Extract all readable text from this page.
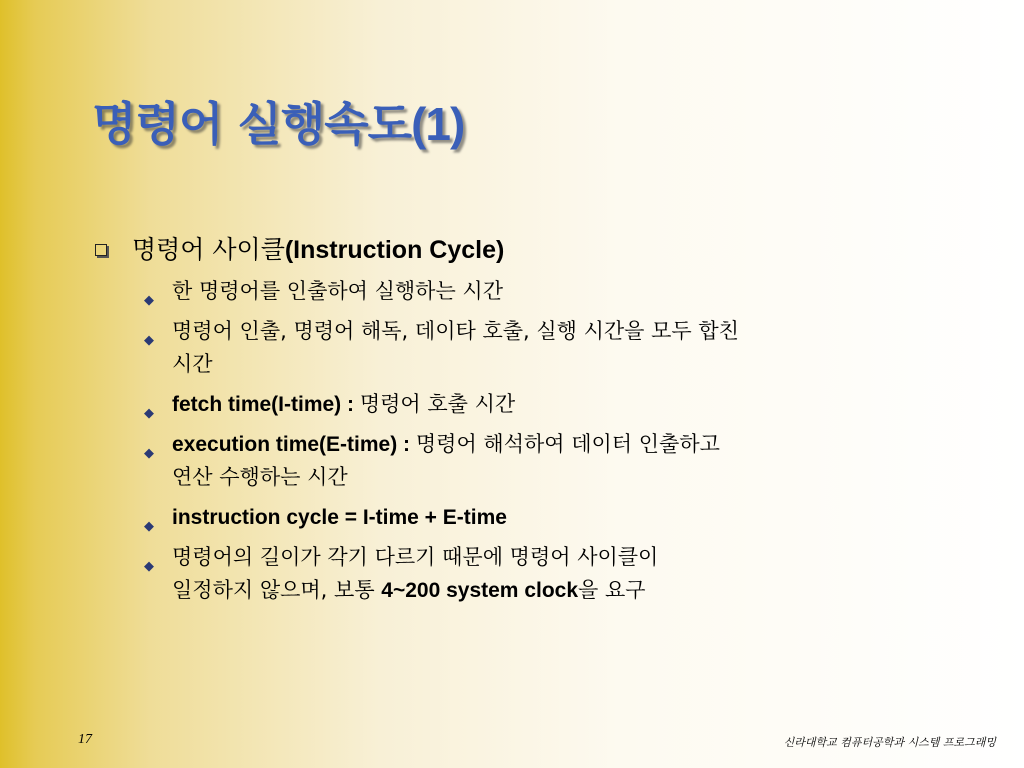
명령어 실행속도(1)
명령어 사이클(Instruction Cycle)
◆ 한 명령어를 인출하여 실행하는 시간
◆ 명령어 인출, 명령어 해독, 데이타 호출, 실행 시간을 모두 합친
시간
◆ fetch time(I-time) : 명령어 호출 시간
◆ execution time(E-time) : 명령어 해석하여 데이터 인출하고
연산 수행하는 시간
◆ instruction cycle = I-time + E-time
◆ 명령어의 길이가 각기 다르기 때문에 명령어 사이클이
일정하지 않으며, 보통 4~200 system clock을 요구
17	신라대학교 컴퓨터공학과 시스템 프로그래밍
